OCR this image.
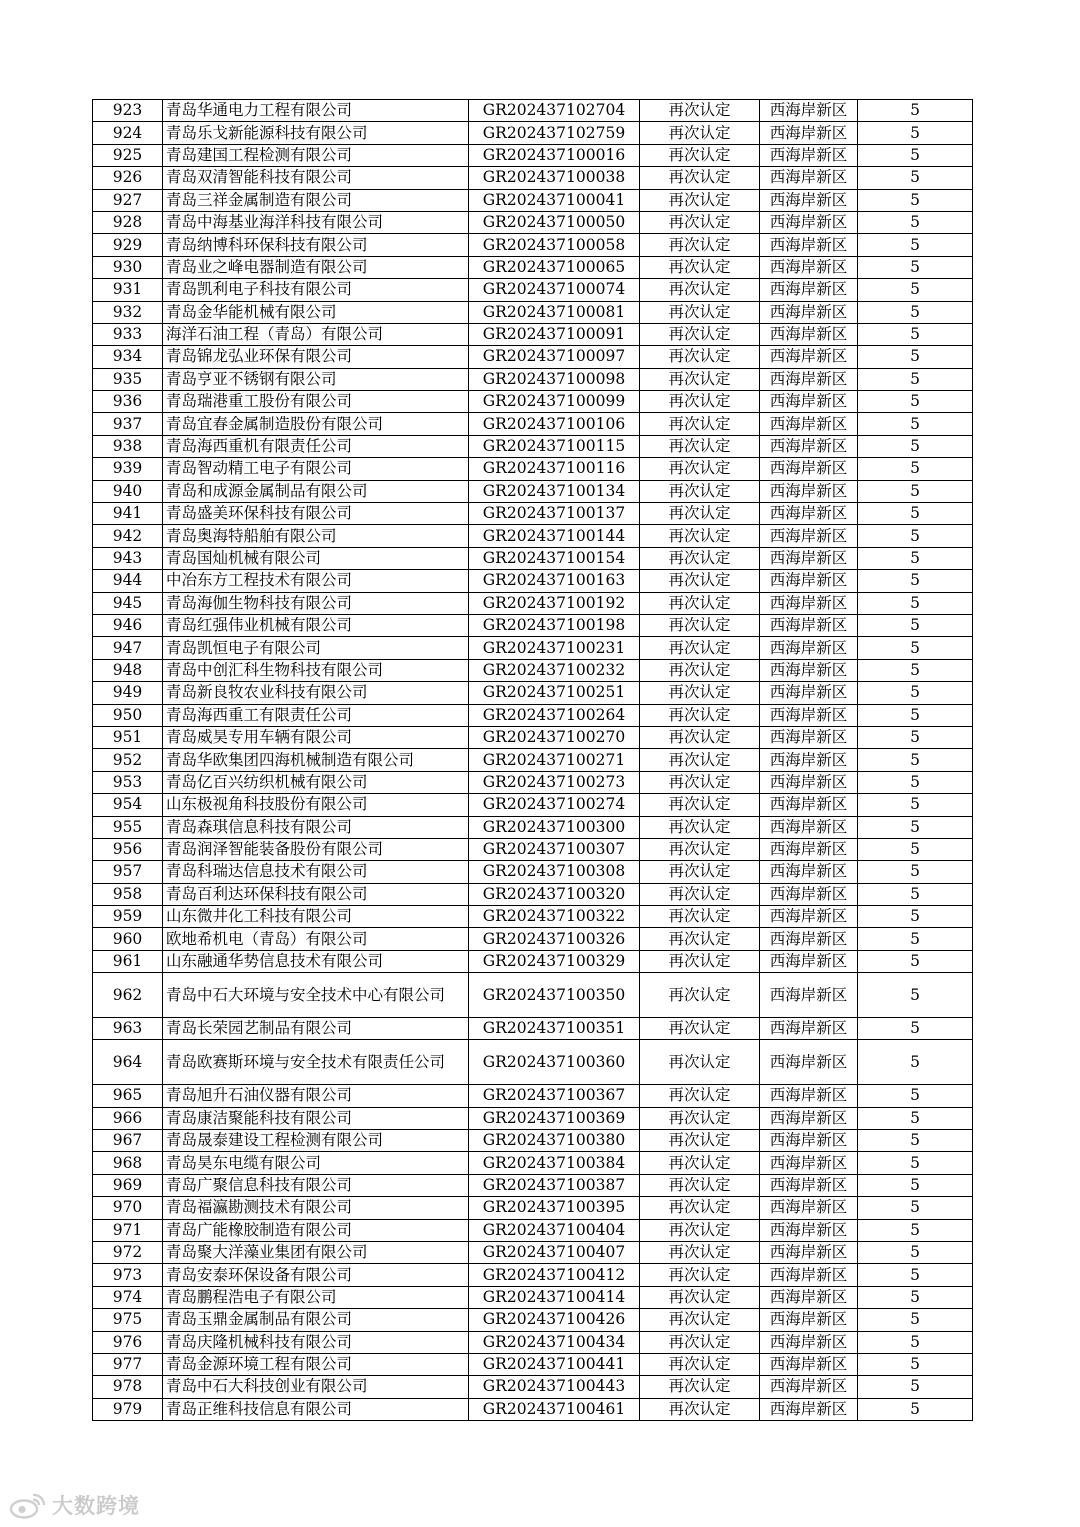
923	青岛华通电力工程有限公司	GR202437102704	再次认定	西海岸新区	5
924	青岛乐戈新能源科技有限公司	GR202437102759	再次认定	西海岸新区	5
925	青岛建国工程检测有限公司	GR202437100016	再次认定	西海岸新区	5
926	青岛双清智能科技有限公司	GR202437100038	再次认定	西海岸新区	5
927	青岛三祥金属制造有限公司	GR202437100041	再次认定	西海岸新区	5
928	青岛中海基业海洋科技有限公司	GR202437100050	再次认定	西海岸新区	5
929	青岛纳博科环保科技有限公司	GR202437100058	再次认定	西海岸新区	5
930	青岛业之峰电器制造有限公司	GR202437100065	再次认定	西海岸新区	5
931	青岛凯利电子科技有限公司	GR202437100074	再次认定	西海岸新区	5
932	青岛金华能机械有限公司	GR202437100081	再次认定	西海岸新区	5
933	海洋石油工程（青岛）有限公司	GR202437100091	再次认定	西海岸新区	5
934	青岛锦龙弘业环保有限公司	GR202437100097	再次认定	西海岸新区	5
935	青岛亨亚不锈钢有限公司	GR202437100098	再次认定	西海岸新区	5
936	青岛瑞港重工股份有限公司	GR202437100099	再次认定	西海岸新区	5
937	青岛宜春金属制造股份有限公司	GR202437100106	再次认定	西海岸新区	5
938	青岛海西重机有限责任公司	GR202437100115	再次认定	西海岸新区	5
939	青岛智动精工电子有限公司	GR202437100116	再次认定	西海岸新区	5
940	青岛和成源金属制品有限公司	GR202437100134	再次认定	西海岸新区	5
941	青岛盛美环保科技有限公司	GR202437100137	再次认定	西海岸新区	5
942	青岛奥海特船舶有限公司	GR202437100144	再次认定	西海岸新区	5
943	青岛国灿机械有限公司	GR202437100154	再次认定	西海岸新区	5
944	中冶东方工程技术有限公司	GR202437100163	再次认定	西海岸新区	5
945	青岛海伽生物科技有限公司	GR202437100192	再次认定	西海岸新区	5
946	青岛红强伟业机械有限公司	GR202437100198	再次认定	西海岸新区	5
947	青岛凯恒电子有限公司	GR202437100231	再次认定	西海岸新区	5
948	青岛中创汇科生物科技有限公司	GR202437100232	再次认定	西海岸新区	5
949	青岛新良牧农业科技有限公司	GR202437100251	再次认定	西海岸新区	5
950	青岛海西重工有限责任公司	GR202437100264	再次认定	西海岸新区	5
951	青岛威昊专用车辆有限公司	GR202437100270	再次认定	西海岸新区	5
952	青岛华欧集团四海机械制造有限公司	GR202437100271	再次认定	西海岸新区	5
953	青岛亿百兴纺织机械有限公司	GR202437100273	再次认定	西海岸新区	5
954	山东极视角科技股份有限公司	GR202437100274	再次认定	西海岸新区	5
955	青岛森琪信息科技有限公司	GR202437100300	再次认定	西海岸新区	5
956	青岛润泽智能装备股份有限公司	GR202437100307	再次认定	西海岸新区	5
957	青岛科瑞达信息技术有限公司	GR202437100308	再次认定	西海岸新区	5
958	青岛百利达环保科技有限公司	GR202437100320	再次认定	西海岸新区	5
959	山东微井化工科技有限公司	GR202437100322	再次认定	西海岸新区	5
960	欧地希机电（青岛）有限公司	GR202437100326	再次认定	西海岸新区	5
961	山东融通华势信息技术有限公司	GR202437100329	再次认定	西海岸新区	5
962	青岛中石大环境与安全技术中心有限公司	GR202437100350	再次认定	西海岸新区	5
963	青岛长荣园艺制品有限公司	GR202437100351	再次认定	西海岸新区	5
964	青岛欧赛斯环境与安全技术有限责任公司	GR202437100360	再次认定	西海岸新区	5
965	青岛旭升石油仪器有限公司	GR202437100367	再次认定	西海岸新区	5
966	青岛康洁聚能科技有限公司	GR202437100369	再次认定	西海岸新区	5
967	青岛晟泰建设工程检测有限公司	GR202437100380	再次认定	西海岸新区	5
968	青岛昊东电缆有限公司	GR202437100384	再次认定	西海岸新区	5
969	青岛广聚信息科技有限公司	GR202437100387	再次认定	西海岸新区	5
970	青岛福瀛勘测技术有限公司	GR202437100395	再次认定	西海岸新区	5
971	青岛广能橡胶制造有限公司	GR202437100404	再次认定	西海岸新区	5
972	青岛聚大洋藻业集团有限公司	GR202437100407	再次认定	西海岸新区	5
973	青岛安泰环保设备有限公司	GR202437100412	再次认定	西海岸新区	5
974	青岛鹏程浩电子有限公司	GR202437100414	再次认定	西海岸新区	5
975	青岛玉鼎金属制品有限公司	GR202437100426	再次认定	西海岸新区	5
976	青岛庆隆机械科技有限公司	GR202437100434	再次认定	西海岸新区	5
977	青岛金源环境工程有限公司	GR202437100441	再次认定	西海岸新区	5
978	青岛中石大科技创业有限公司	GR202437100443	再次认定	西海岸新区	5
979	青岛正维科技信息有限公司	GR202437100461	再次认定	西海岸新区	5
大数跨境
